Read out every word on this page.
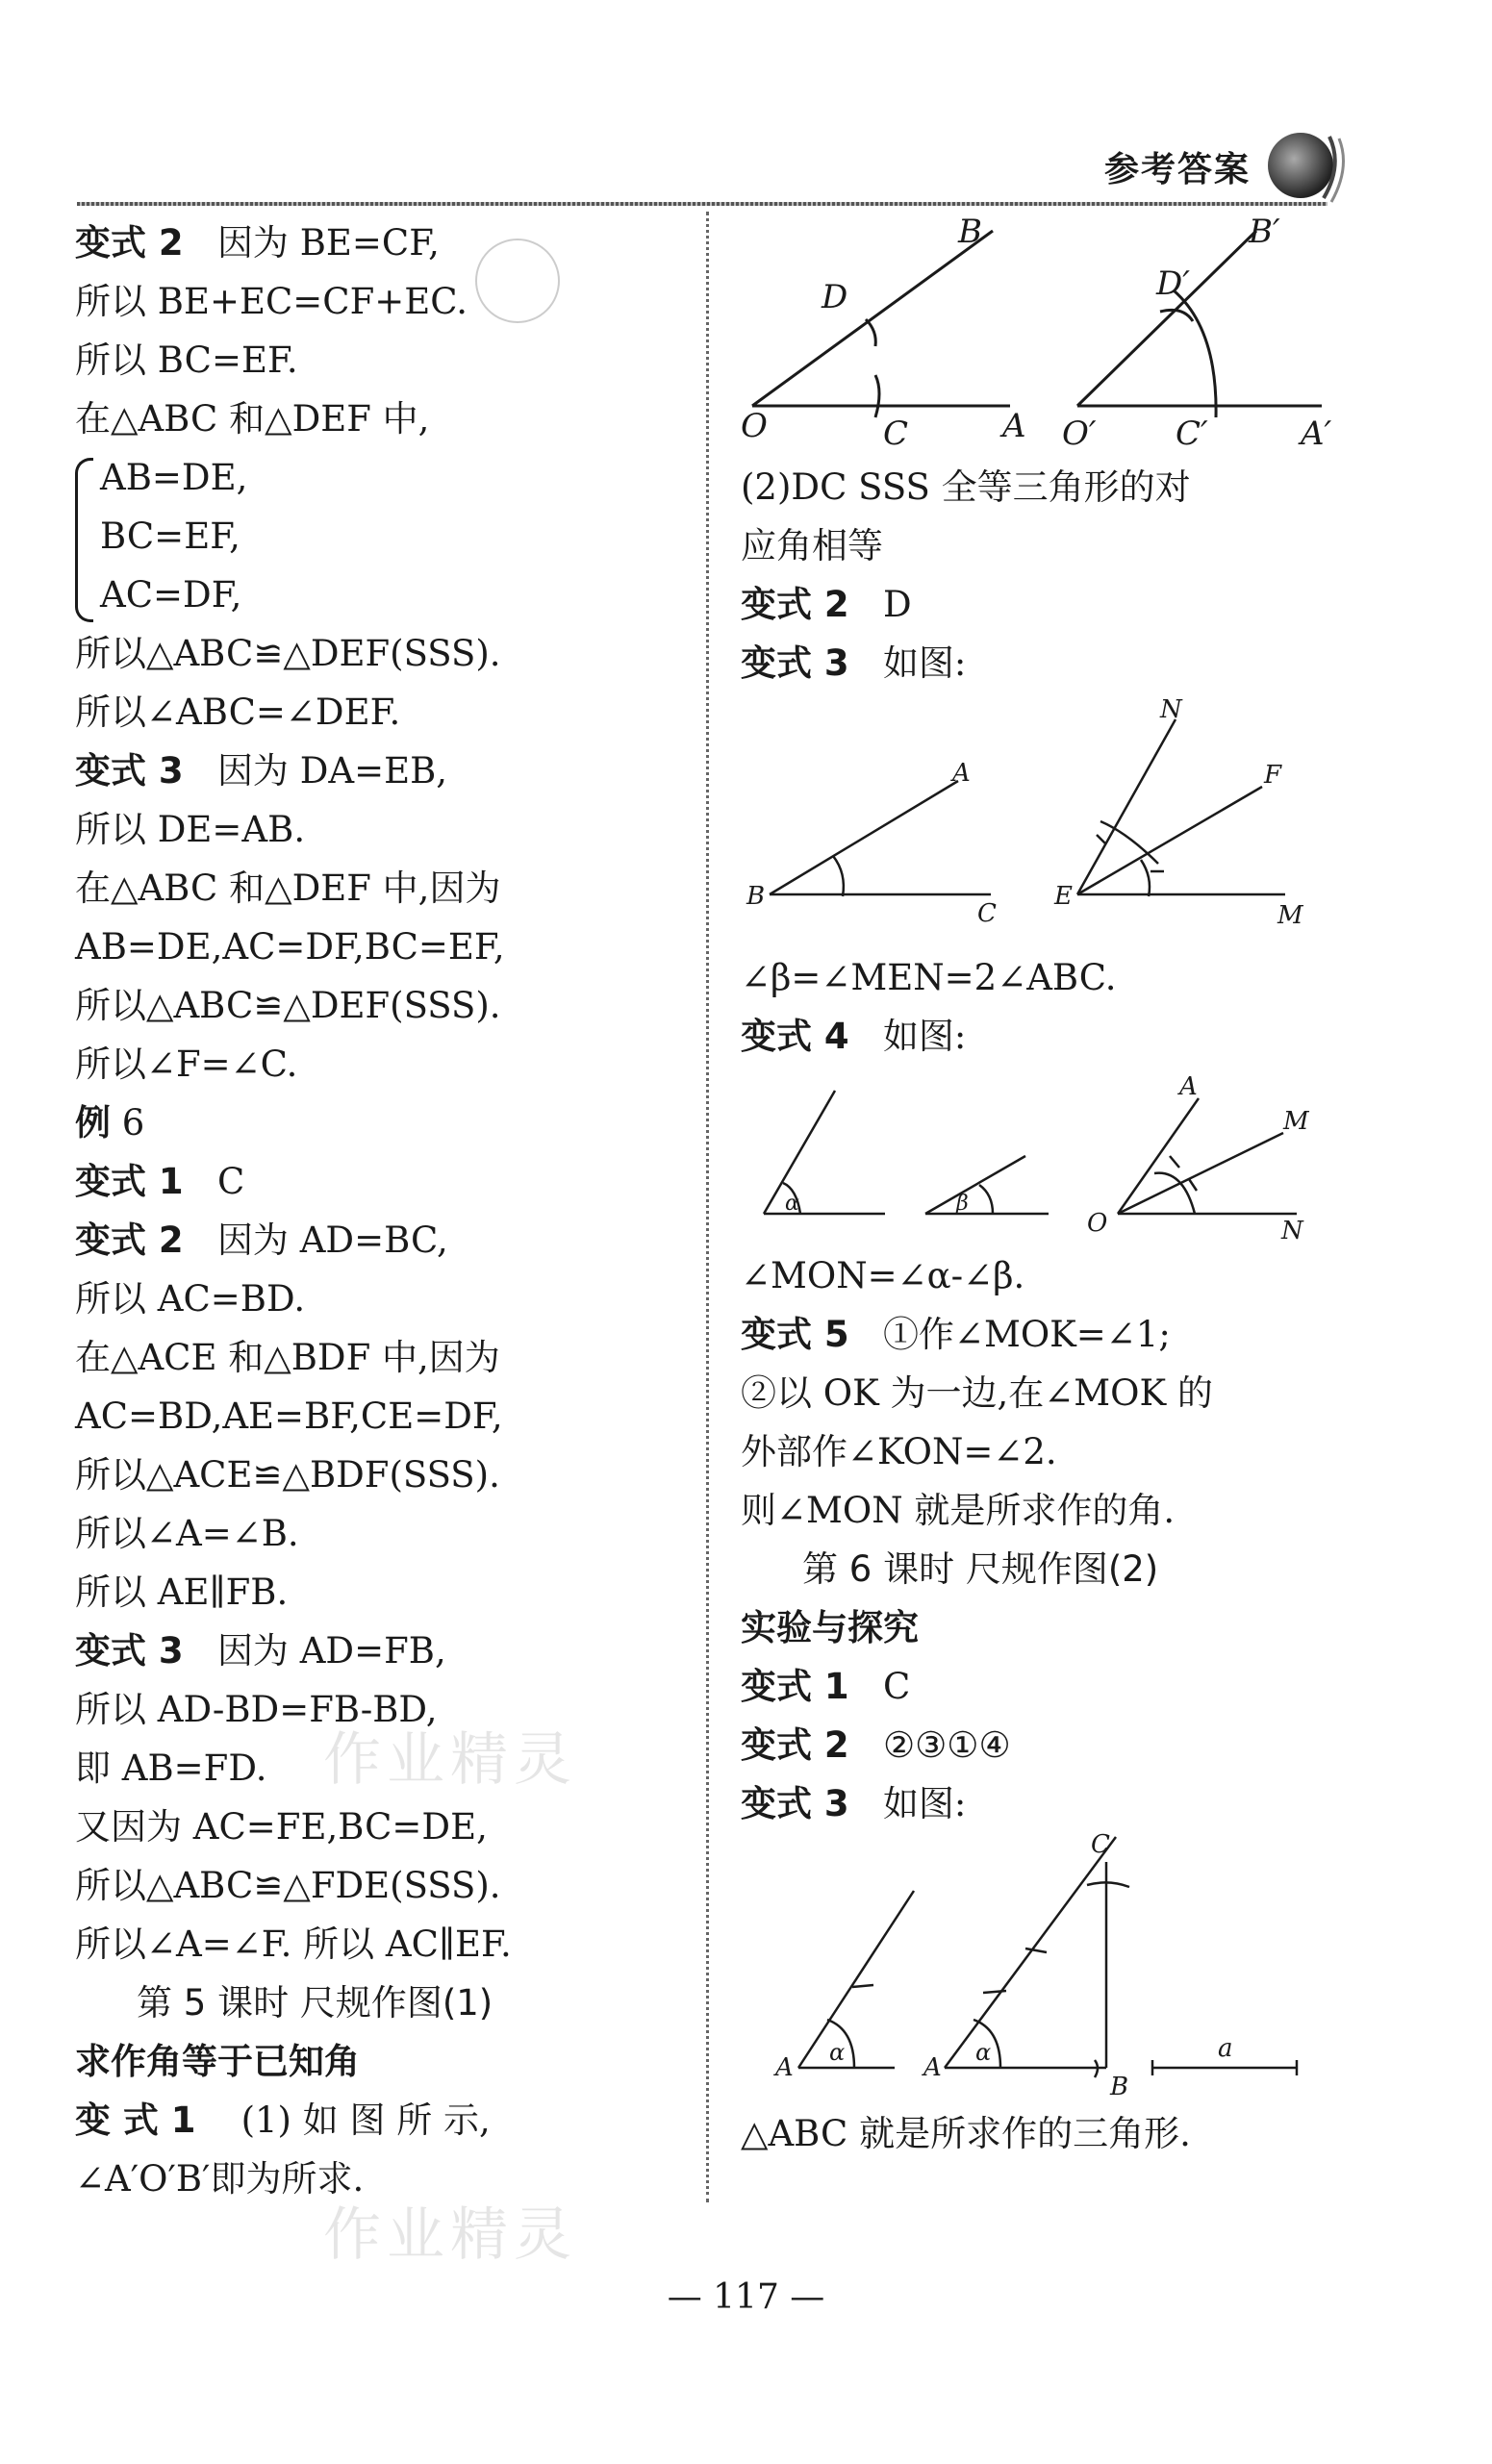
参考答案
变式 2 因为 BE=CF,
所以 BE+EC=CF+EC.
所以 BC=EF.
在△ABC 和△DEF 中,
AB=DE,
BC=EF,
AC=DF,
所以△ABC≌△DEF(SSS).
所以∠ABC=∠DEF.
变式 3 因为 DA=EB,
所以 DE=AB.
在△ABC 和△DEF 中,因为
AB=DE,AC=DF,BC=EF,
所以△ABC≌△DEF(SSS).
所以∠F=∠C.
例 6
变式 1 C
变式 2 因为 AD=BC,
所以 AC=BD.
在△ACE 和△BDF 中,因为
AC=BD,AE=BF,CE=DF,
所以△ACE≌△BDF(SSS).
所以∠A=∠B.
所以 AE∥FB.
变式 3 因为 AD=FB,
所以 AD-BD=FB-BD,
即 AB=FD.
又因为 AC=FE,BC=DE,
所以△ABC≌△FDE(SSS).
所以∠A=∠F. 所以 AC∥EF.
第 5 课时 尺规作图(1)
求作角等于已知角
变 式 1 (1) 如 图 所 示,
∠A′O′B′即为所求.
B
D
O	C	A
B′
D′
O′ C′	A′
(2)DC SSS 全等三角形的对
应角相等
变式 2 D
变式 3 如图:
A
B
C
N
F
E
M
∠β=∠MEN=2∠ABC.
变式 4 如图:
α	β
A
M
O	N
∠MON=∠α-∠β.
变式 5 ①作∠MOK=∠1;
②以 OK 为一边,在∠MOK 的
外部作∠KON=∠2.
则∠MON 就是所求作的角.
第 6 课时 尺规作图(2)
实验与探究
变式 1 C
变式 2 ②③①④
变式 3 如图:
C
A
α
A
α
B
a
△ABC 就是所求作的三角形.
— 117 —
作业精灵
作业精灵
